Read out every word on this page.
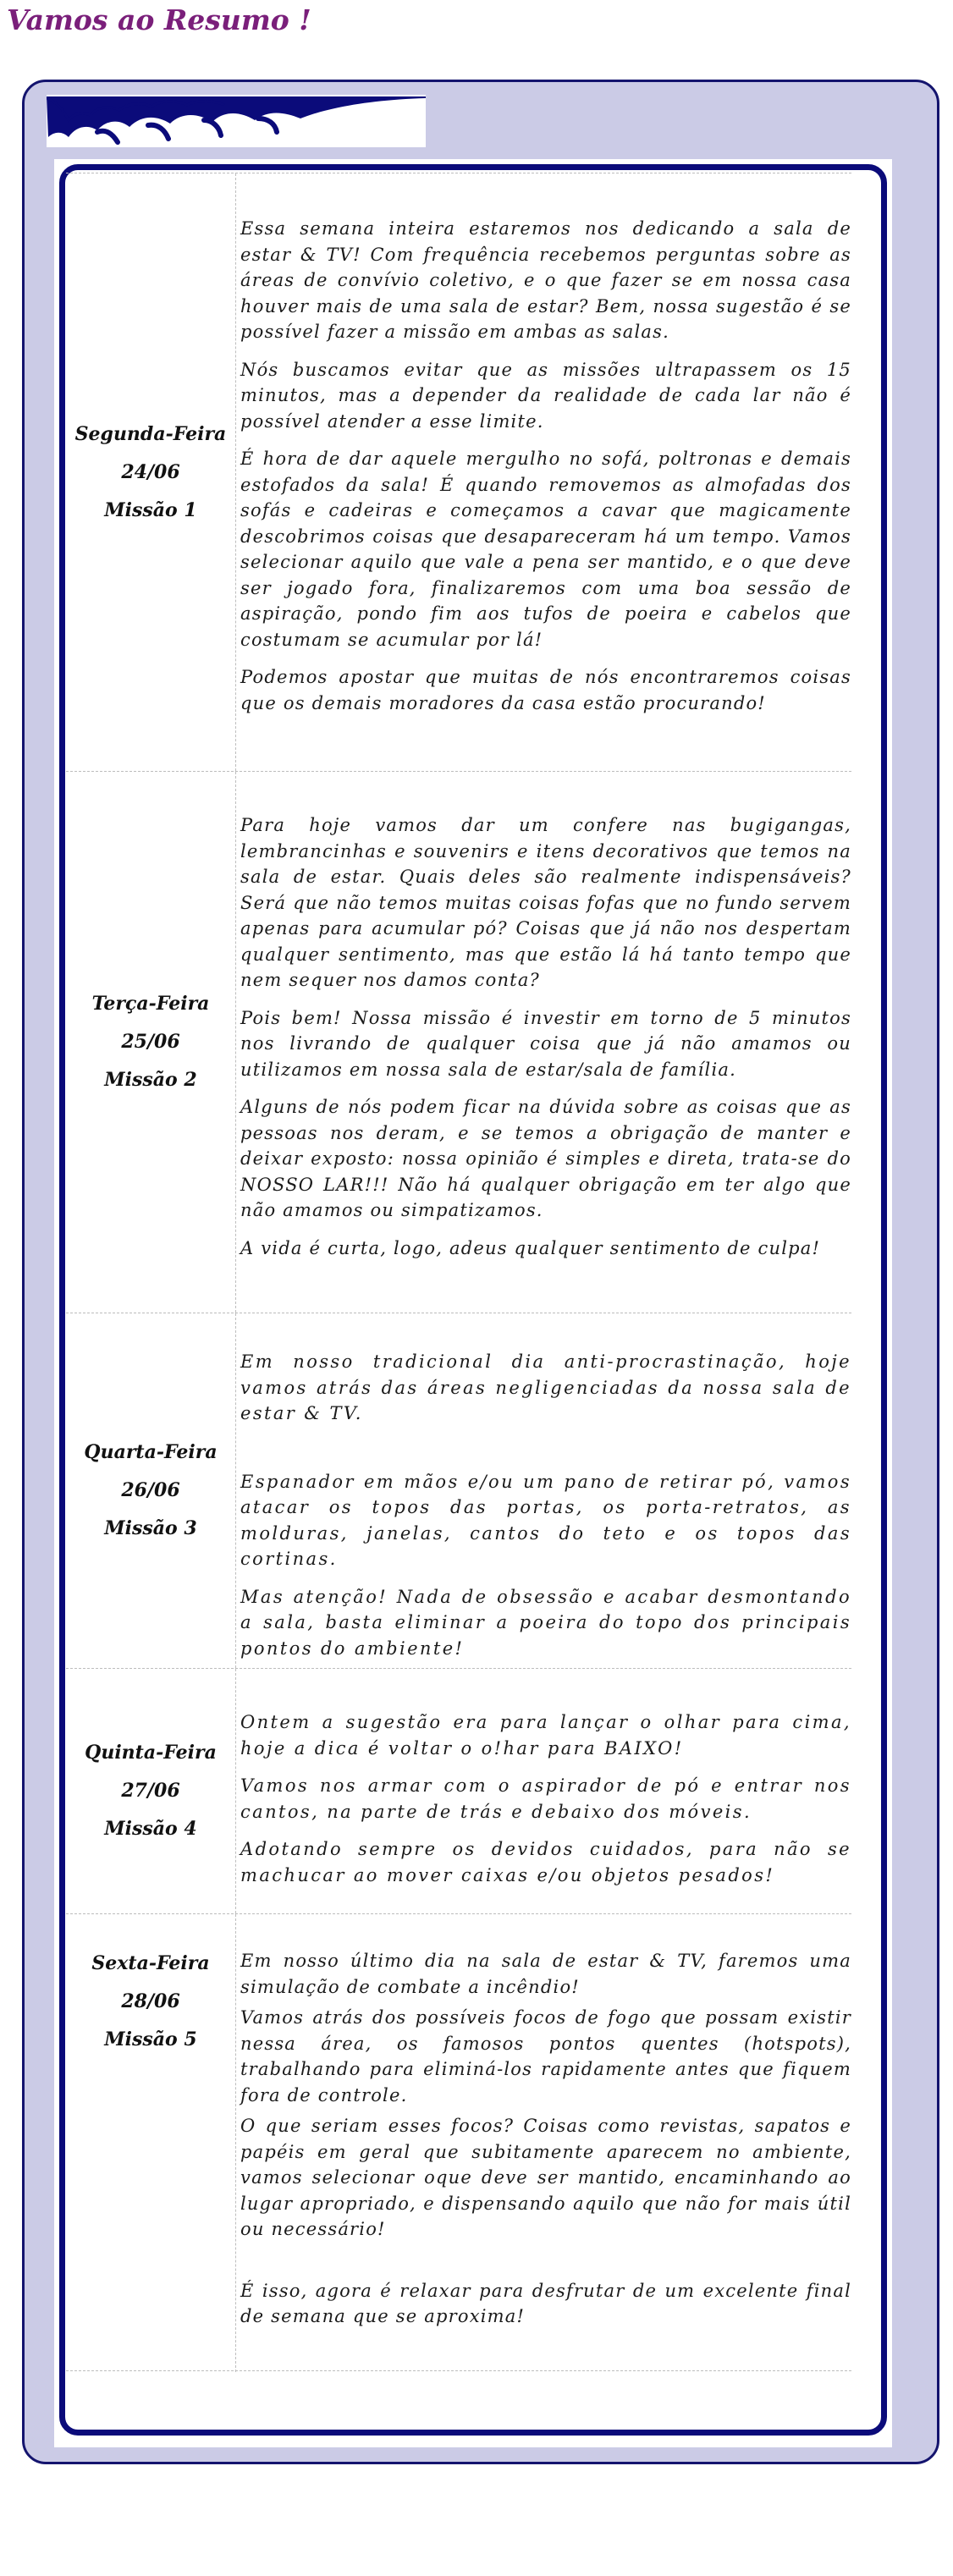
Vamos ao Resumo !
Segunda-Feira
24/06
Missão 1

Essa semana inteira estaremos nos dedicando a sala de estar & TV! Com frequência recebemos perguntas sobre as áreas de convívio coletivo, e o que fazer se em nossa casa houver mais de uma sala de estar? Bem, nossa sugestão é se possível fazer a missão em ambas as salas.

Nós buscamos evitar que as missões ultrapassem os 15 minutos, mas a depender da realidade de cada lar não é possível atender a esse limite.

É hora de dar aquele mergulho no sofá, poltronas e demais estofados da sala! É quando removemos as almofadas dos sofás e cadeiras e começamos a cavar que magicamente descobrimos coisas que desapareceram há um tempo. Vamos selecionar aquilo que vale a pena ser mantido, e o que deve ser jogado fora, finalizaremos com uma boa sessão de aspiração, pondo fim aos tufos de poeira e cabelos que costumam se acumular por lá!

Podemos apostar que muitas de nós encontraremos coisas que os demais moradores da casa estão procurando!

Terça-Feira
25/06
Missão 2

Para hoje vamos dar um confere nas bugigangas, lembrancinhas e souvenirs e itens decorativos que temos na sala de estar. Quais deles são realmente indispensáveis? Será que não temos muitas coisas fofas que no fundo servem apenas para acumular pó? Coisas que já não nos despertam qualquer sentimento, mas que estão lá há tanto tempo que nem sequer nos damos conta?

Pois bem! Nossa missão é investir em torno de 5 minutos nos livrando de qualquer coisa que já não amamos ou utilizamos em nossa sala de estar/sala de família.

Alguns de nós podem ficar na dúvida sobre as coisas que as pessoas nos deram, e se temos a obrigação de manter e deixar exposto: nossa opinião é simples e direta, trata-se do NOSSO LAR!!! Não há qualquer obrigação em ter algo que não amamos ou simpatizamos.

A vida é curta, logo, adeus qualquer sentimento de culpa!

Quarta-Feira
26/06
Missão 3

Em nosso tradicional dia anti-procrastinação, hoje vamos atrás das áreas negligenciadas da nossa sala de estar & TV.

Espanador em mãos e/ou um pano de retirar pó, vamos atacar os topos das portas, os porta-retratos, as molduras, janelas, cantos do teto e os topos das cortinas.

Mas atenção! Nada de obsessão e acabar desmontando a sala, basta eliminar a poeira do topo dos principais pontos do ambiente!

Quinta-Feira
27/06
Missão 4

Ontem a sugestão era para lançar o olhar para cima, hoje a dica é voltar o o!har para BAIXO!

Vamos nos armar com o aspirador de pó e entrar nos cantos, na parte de trás e debaixo dos móveis.

Adotando sempre os devidos cuidados, para não se machucar ao mover caixas e/ou objetos pesados!

Sexta-Feira
28/06
Missão 5

Em nosso último dia na sala de estar & TV, faremos uma simulação de combate a incêndio!

Vamos atrás dos possíveis focos de fogo que possam existir nessa área, os famosos pontos quentes (hotspots), trabalhando para eliminá-los rapidamente antes que fiquem fora de controle.

O que seriam esses focos? Coisas como revistas, sapatos e papéis em geral que subitamente aparecem no ambiente, vamos selecionar oque deve ser mantido, encaminhando ao lugar apropriado, e dispensando aquilo que não for mais útil ou necessário!

É isso, agora é relaxar para desfrutar de um excelente final de semana que se aproxima!
